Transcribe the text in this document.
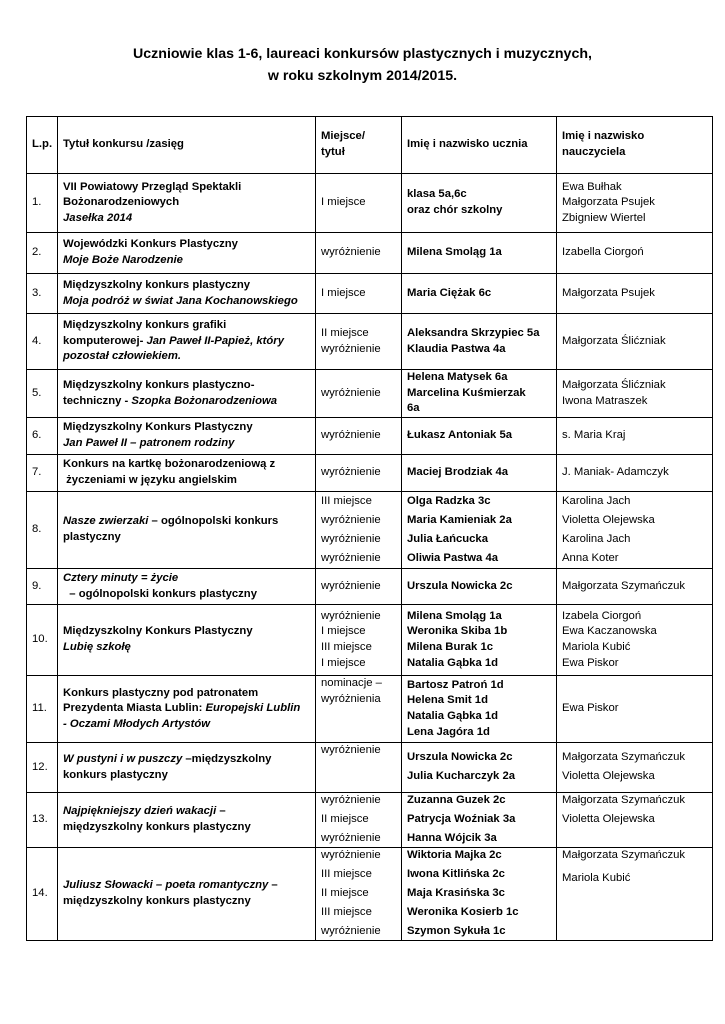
Uczniowie klas 1-6, laureaci konkursów plastycznych i muzycznych,
w roku szkolnym 2014/2015.
L.p.	Tytuł konkursu /zasięg	Miejsce/
tytuł	Imię i nazwisko ucznia	Imię i nazwisko
nauczyciela

1.	VII Powiatowy Przegląd Spektakli
Bożonarodzeniowych
Jasełka 2014	I miejsce	klasa 5a,6c
oraz chór szkolny	Ewa Bułhak
Małgorzata Psujek
Zbigniew Wiertel

2.	Wojewódzki Konkurs Plastyczny
Moje Boże Narodzenie	wyróżnienie	Milena Smoląg 1a	Izabella Ciorgoń

3.	Międzyszkolny konkurs plastyczny
Moja podróż w świat Jana Kochanowskiego	I miejsce	Maria Ciężak 6c	Małgorzata Psujek

4.	Międzyszkolny konkurs grafiki
komputerowej- Jan Paweł II-Papież, który
pozostał człowiekiem.	II miejsce
wyróżnienie	Aleksandra Skrzypiec 5a
Klaudia Pastwa 4a	Małgorzata Ślićzniak

5.	Międzyszkolny konkurs plastyczno-
techniczny - Szopka Bożonarodzeniowa	wyróżnienie	Helena Matysek 6a
Marcelina Kuśmierzak
6a	Małgorzata Ślićzniak
Iwona Matraszek

6.	Międzyszkolny Konkurs Plastyczny
Jan Paweł II – patronem rodziny	wyróżnienie	Łukasz Antoniak 5a	s. Maria Kraj

7.	Konkurs na kartkę bożonarodzeniową z
życzeniami w języku angielskim	wyróżnienie	Maciej Brodziak 4a	J. Maniak- Adamczyk

8.	Nasze zwierzaki – ogólnopolski konkurs
plastyczny	III miejsce
wyróżnienie
wyróżnienie
wyróżnienie	Olga Radzka 3c
Maria Kamieniak 2a
Julia Łańcucka
Oliwia Pastwa 4a	Karolina Jach
Violetta Olejewska
Karolina Jach
Anna Koter

9.	Cztery minuty = życie
– ogólnopolski konkurs plastyczny	wyróżnienie	Urszula Nowicka 2c	Małgorzata Szymańczuk

10.	Międzyszkolny Konkurs Plastyczny
Lubię szkołę	wyróżnienie
I miejsce
III miejsce
I miejsce	Milena Smoląg 1a
Weronika Skiba 1b
Milena Burak 1c
Natalia Gąbka 1d	Izabela Ciorgoń
Ewa Kaczanowska
Mariola Kubić
Ewa Piskor

11.	Konkurs plastyczny pod patronatem
Prezydenta Miasta Lublin: Europejski Lublin
- Oczami Młodych Artystów	nominacje –
wyróżnienia	Bartosz Patroń 1d
Helena Smit 1d
Natalia Gąbka 1d
Lena Jagóra 1d	Ewa Piskor

12.	W pustyni i w puszczy –międzyszkolny
konkurs plastyczny	wyróżnienie	Urszula Nowicka 2c
Julia Kucharczyk 2a	Małgorzata Szymańczuk
Violetta Olejewska

13.	Najpiękniejszy dzień wakacji –
międzyszkolny konkurs plastyczny	wyróżnienie
II miejsce
wyróżnienie	Zuzanna Guzek 2c
Patrycja Woźniak 3a
Hanna Wójcik 3a	Małgorzata Szymańczuk
Violetta Olejewska

14.	Juliusz Słowacki – poeta romantyczny –
międzyszkolny konkurs plastyczny	wyróżnienie
III miejsce
II miejsce
III miejsce
wyróżnienie	Wiktoria Majka 2c
Iwona Kitlińska 2c
Maja Krasińska 3c
Weronika Kosierb 1c
Szymon Sykuła 1c	Małgorzata Szymańczuk
Mariola Kubić
